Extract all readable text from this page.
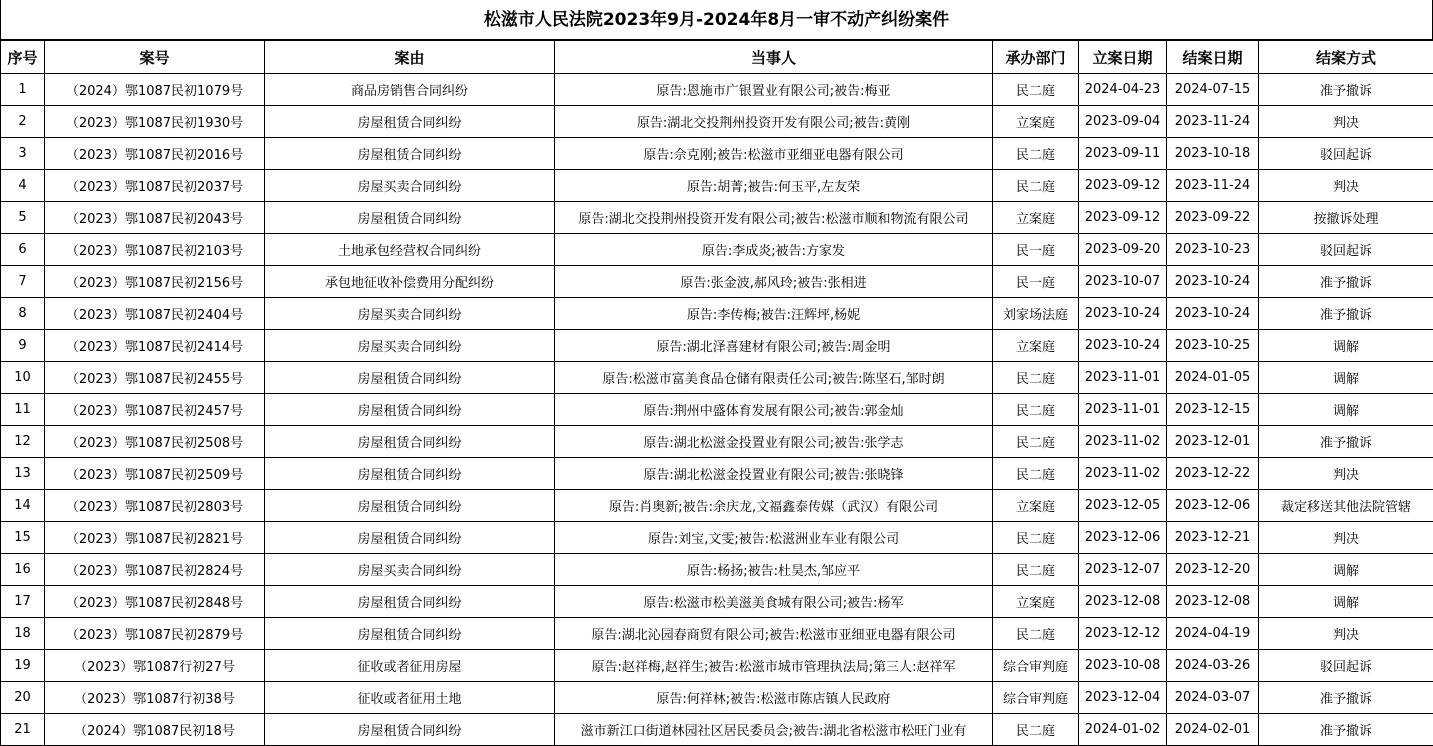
松滋市人民法院2023年9月-2024年8月一审不动产纠纷案件
序号	案号	案由	当事人	承办部门	立案日期	结案日期	结案方式
1	（2024）鄂1087民初1079号	商品房销售合同纠纷	原告:恩施市广银置业有限公司;被告:梅亚	民二庭	2024-04-23	2024-07-15	准予撤诉
2	（2023）鄂1087民初1930号	房屋租赁合同纠纷	原告:湖北交投荆州投资开发有限公司;被告:黄刚	立案庭	2023-09-04	2023-11-24	判决
3	（2023）鄂1087民初2016号	房屋租赁合同纠纷	原告:佘克刚;被告:松滋市亚细亚电器有限公司	民二庭	2023-09-11	2023-10-18	驳回起诉
4	（2023）鄂1087民初2037号	房屋买卖合同纠纷	原告:胡菁;被告:何玉平,左友荣	民二庭	2023-09-12	2023-11-24	判决
5	（2023）鄂1087民初2043号	房屋租赁合同纠纷	原告:湖北交投荆州投资开发有限公司;被告:松滋市顺和物流有限公司	立案庭	2023-09-12	2023-09-22	按撤诉处理
6	（2023）鄂1087民初2103号	土地承包经营权合同纠纷	原告:李成炎;被告:方家发	民一庭	2023-09-20	2023-10-23	驳回起诉
7	（2023）鄂1087民初2156号	承包地征收补偿费用分配纠纷	原告:张金波,郝风玲;被告:张相进	民一庭	2023-10-07	2023-10-24	准予撤诉
8	（2023）鄂1087民初2404号	房屋买卖合同纠纷	原告:李传梅;被告:汪辉坪,杨妮	刘家场法庭	2023-10-24	2023-10-24	准予撤诉
9	（2023）鄂1087民初2414号	房屋买卖合同纠纷	原告:湖北泽喜建材有限公司;被告:周金明	立案庭	2023-10-24	2023-10-25	调解
10	（2023）鄂1087民初2455号	房屋租赁合同纠纷	原告:松滋市富美食品仓储有限责任公司;被告:陈坚石,邹时朗	民二庭	2023-11-01	2024-01-05	调解
11	（2023）鄂1087民初2457号	房屋租赁合同纠纷	原告:荆州中盛体育发展有限公司;被告:郭金灿	民二庭	2023-11-01	2023-12-15	调解
12	（2023）鄂1087民初2508号	房屋租赁合同纠纷	原告:湖北松滋金投置业有限公司;被告:张学志	民二庭	2023-11-02	2023-12-01	准予撤诉
13	（2023）鄂1087民初2509号	房屋租赁合同纠纷	原告:湖北松滋金投置业有限公司;被告:张晓锋	民二庭	2023-11-02	2023-12-22	判决
14	（2023）鄂1087民初2803号	房屋租赁合同纠纷	原告:肖奥新;被告:余庆龙,文福鑫泰传媒（武汉）有限公司	立案庭	2023-12-05	2023-12-06	裁定移送其他法院管辖
15	（2023）鄂1087民初2821号	房屋租赁合同纠纷	原告:刘宝,文雯;被告:松滋洲业车业有限公司	民二庭	2023-12-06	2023-12-21	判决
16	（2023）鄂1087民初2824号	房屋买卖合同纠纷	原告:杨扬;被告:杜昊杰,邹应平	民二庭	2023-12-07	2023-12-20	调解
17	（2023）鄂1087民初2848号	房屋租赁合同纠纷	原告:松滋市松美滋美食城有限公司;被告:杨军	立案庭	2023-12-08	2023-12-08	调解
18	（2023）鄂1087民初2879号	房屋租赁合同纠纷	原告:湖北沁园春商贸有限公司;被告:松滋市亚细亚电器有限公司	民二庭	2023-12-12	2024-04-19	判决
19	（2023）鄂1087行初27号	征收或者征用房屋	原告:赵祥梅,赵祥生;被告:松滋市城市管理执法局;第三人:赵祥军	综合审判庭	2023-10-08	2024-03-26	驳回起诉
20	（2023）鄂1087行初38号	征收或者征用土地	原告:何祥林;被告:松滋市陈店镇人民政府	综合审判庭	2023-12-04	2024-03-07	准予撤诉
21	（2024）鄂1087民初18号	房屋租赁合同纠纷	滋市新江口街道林园社区居民委员会;被告:湖北省松滋市松旺门业有	民二庭	2024-01-02	2024-02-01	准予撤诉
